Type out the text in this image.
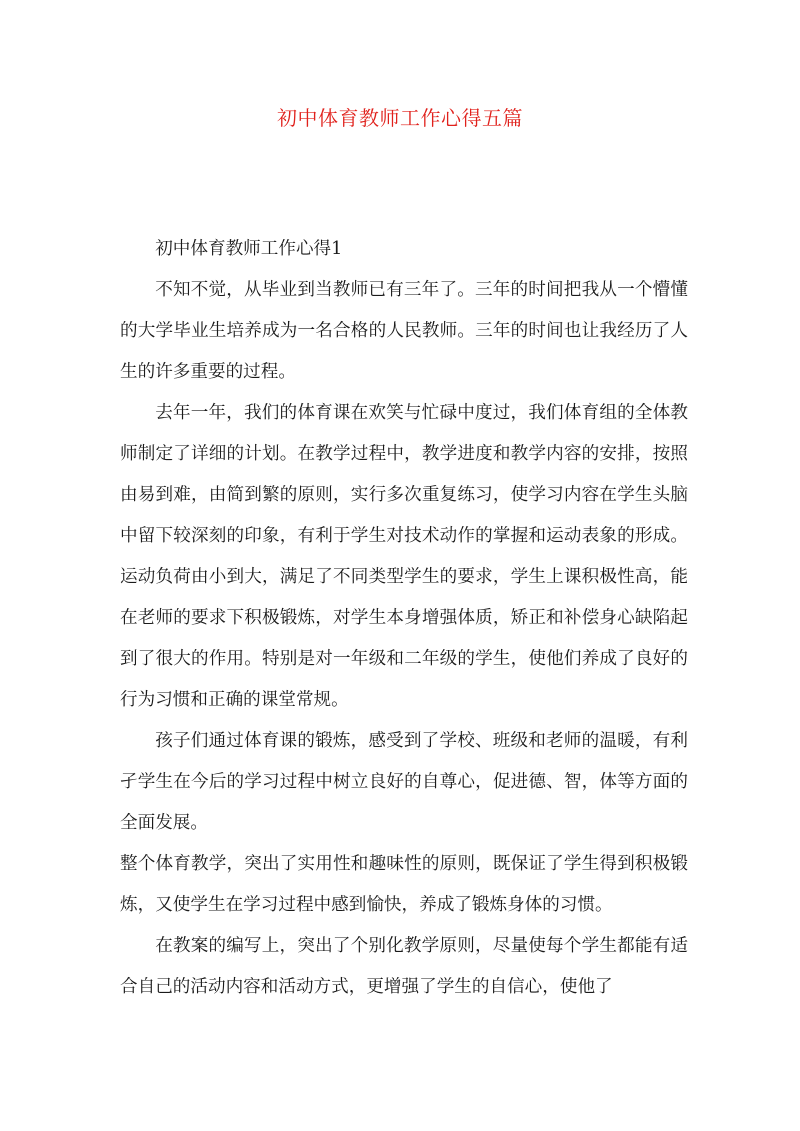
初中体育教师工作心得五篇

初中体育教师工作心得1

不知不觉，从毕业到当教师已有三年了。三年的时间把我从一个懵懂的大学毕业生培养成为一名合格的人民教师。三年的时间也让我经历了人生的许多重要的过程。

去年一年，我们的体育课在欢笑与忙碌中度过，我们体育组的全体教师制定了详细的计划。在教学过程中，教学进度和教学内容的安排，按照由易到难，由简到繁的原则，实行多次重复练习，使学习内容在学生头脑中留下较深刻的印象，有利于学生对技术动作的掌握和运动表象的形成。运动负荷由小到大，满足了不同类型学生的要求，学生上课积极性高，能在老师的要求下积极锻炼，对学生本身增强体质，矫正和补偿身心缺陷起到了很大的作用。特别是对一年级和二年级的学生，使他们养成了良好的行为习惯和正确的课堂常规。

孩子们通过体育课的锻炼，感受到了学校、班级和老师的温暖，有利孑学生在今后的学习过程中树立良好的自尊心，促进德、智，体等方面的全面发展。

整个体育教学，突出了实用性和趣味性的原则，既保证了学生得到积极锻炼，又使学生在学习过程中感到愉快，养成了锻炼身体的习惯。

在教案的编写上，突出了个别化教学原则，尽量使每个学生都能有适合自己的活动内容和活动方式，更增强了学生的自信心，使他了
